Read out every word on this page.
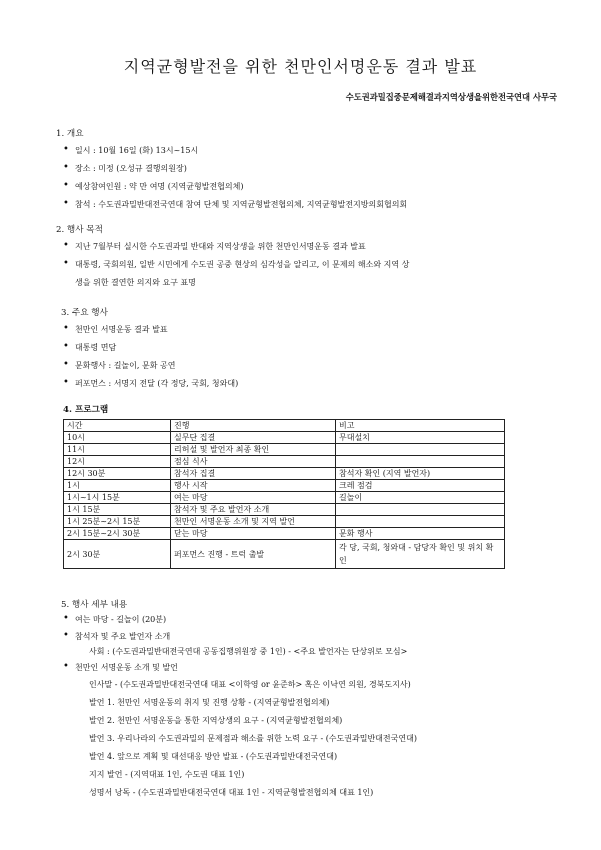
지역균형발전을 위한 천만인서명운동 결과 발표
수도권과밀집중문제해결과지역상생을위한전국연대 사무국
1. 개요
• 일시 : 10월 16일 (화) 13시~15시
• 장소 : 미정 (오성규 결행의원장)
• 예상참여인원 : 약 만 여명 (지역균형발전협의체)
• 참석 : 수도권과밀반대전국연대 참여 단체 및 지역균형발전협의체, 지역균형발전지방의회협의회
2. 행사 목적
• 지난 7월부터 실시한 수도권과밀 반대와 지역상생을 위한 천만인서명운동 결과 발표
• 대통령, 국회의원, 일반 시민에게 수도권 공중 현상의 심각성을 알리고, 이 문제의 해소와 지역 상
생을 위한 결연한 의지와 요구 표명
3. 주요 행사
• 천만인 서명운동 결과 발표
• 대통령 면담
• 문화행사 : 길놀이, 문화 공연
• 퍼포먼스 : 서명지 전달 (각 정당, 국회, 청와대)
4. 프로그램
시간	진행	비고
10시	실무단 집결	무대설치
11시	리허설 및 발언자 최종 확인	
12시	점심 식사	
12시 30분	참석자 집결	참석자 확인 (지역 발언자)
1시	행사 시작	크레 점검
1시~1시 15분	여는 마당	길놀이
1시 15분	참석자 및 주요 발언자 소개	
1시 25분~2시 15분	천만인 서명운동 소개 및 지역 발언	
2시 15분~2시 30분	닫는 마당	문화 행사
2시 30분	퍼포먼스 진행 - 트럭 출발	각 당, 국회, 청와대 - 담당자 확인 및 위치 확인
5. 행사 세부 내용
• 여는 마당 - 길놀이 (20분)
• 참석자 및 주요 발언자 소개
사회 : (수도권과밀반대전국연대 공동집행위원장 중 1인) - <주요 발언자는 단상위로 모심>
• 천만인 서명운동 소개 및 발언
인사말 - (수도권과밀반대전국연대 대표 <이학영 or 윤준하> 혹은 이낙연 의원, 경북도지사)
발언 1. 천만인 서명운동의 취지 및 진행 상황 - (지역균형발전협의체)
발언 2. 천만인 서명운동을 통한 지역상생의 요구 - (지역균형발전협의체)
발언 3. 우리나라의 수도권과밀의 문제점과 해소를 위한 노력 요구 - (수도권과밀반대전국연대)
발언 4. 앞으로 계획 및 대선대응 방안 발표 - (수도권과밀반대전국연대)
지지 발언 - (지역대표 1인, 수도권 대표 1인)
성명서 낭독 - (수도권과밀반대전국연대 대표 1인 - 지역균형발전협의체 대표 1인)
